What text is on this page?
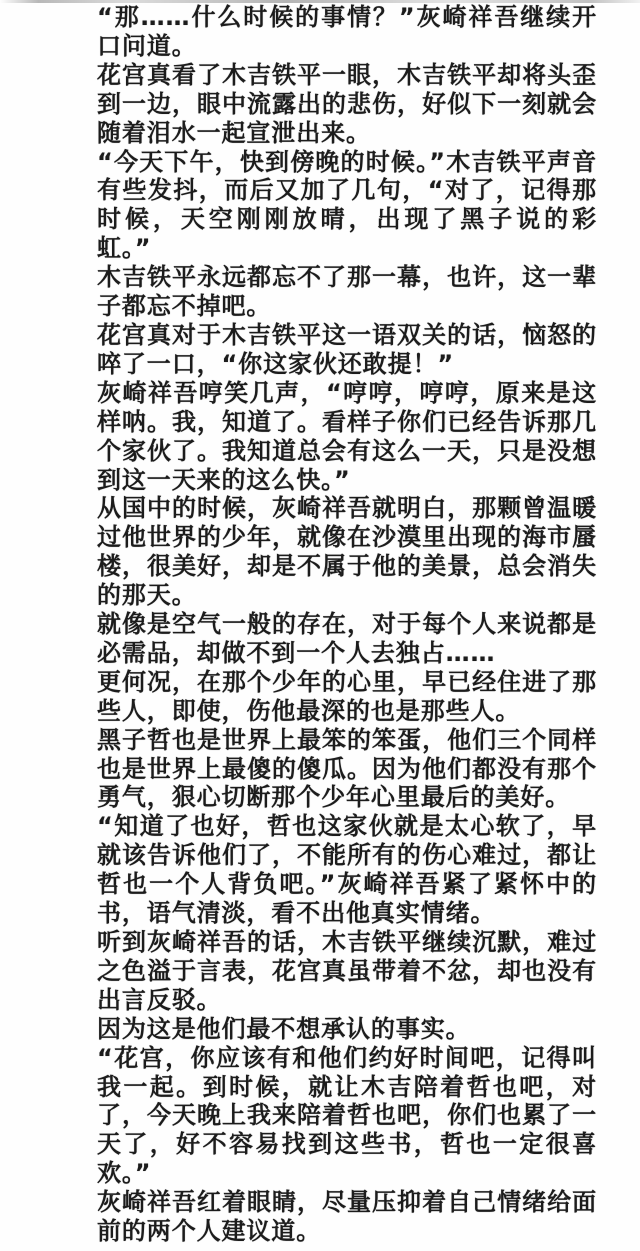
“那……什么时候的事情？”灰崎祥吾继续开口问道。

花宫真看了木吉铁平一眼，木吉铁平却将头歪到一边，眼中流露出的悲伤，好似下一刻就会随着泪水一起宣泄出来。

“今天下午，快到傍晚的时候。”木吉铁平声音有些发抖，而后又加了几句，“对了，记得那时候，天空刚刚放晴，出现了黑子说的彩虹。”

木吉铁平永远都忘不了那一幕，也许，这一辈子都忘不掉吧。

花宫真对于木吉铁平这一语双关的话，恼怒的啐了一口，“你这家伙还敢提！”

灰崎祥吾哼笑几声，“哼哼，哼哼，原来是这样呐。我，知道了。看样子你们已经告诉那几个家伙了。我知道总会有这么一天，只是没想到这一天来的这么快。”

从国中的时候，灰崎祥吾就明白，那颗曾温暖过他世界的少年，就像在沙漠里出现的海市蜃楼，很美好，却是不属于他的美景，总会消失的那天。

就像是空气一般的存在，对于每个人来说都是必需品，却做不到一个人去独占……

更何况，在那个少年的心里，早已经住进了那些人，即使，伤他最深的也是那些人。

黑子哲也是世界上最笨的笨蛋，他们三个同样也是世界上最傻的傻瓜。因为他们都没有那个勇气，狠心切断那个少年心里最后的美好。

“知道了也好，哲也这家伙就是太心软了，早就该告诉他们了，不能所有的伤心难过，都让哲也一个人背负吧。”灰崎祥吾紧了紧怀中的书，语气清淡，看不出他真实情绪。

听到灰崎祥吾的话，木吉铁平继续沉默，难过之色溢于言表，花宫真虽带着不忿，却也没有出言反驳。

因为这是他们最不想承认的事实。

“花宫，你应该有和他们约好时间吧，记得叫我一起。到时候，就让木吉陪着哲也吧，对了，今天晚上我来陪着哲也吧，你们也累了一天了，好不容易找到这些书，哲也一定很喜欢。”

灰崎祥吾红着眼睛，尽量压抑着自己情绪给面前的两个人建议道。
